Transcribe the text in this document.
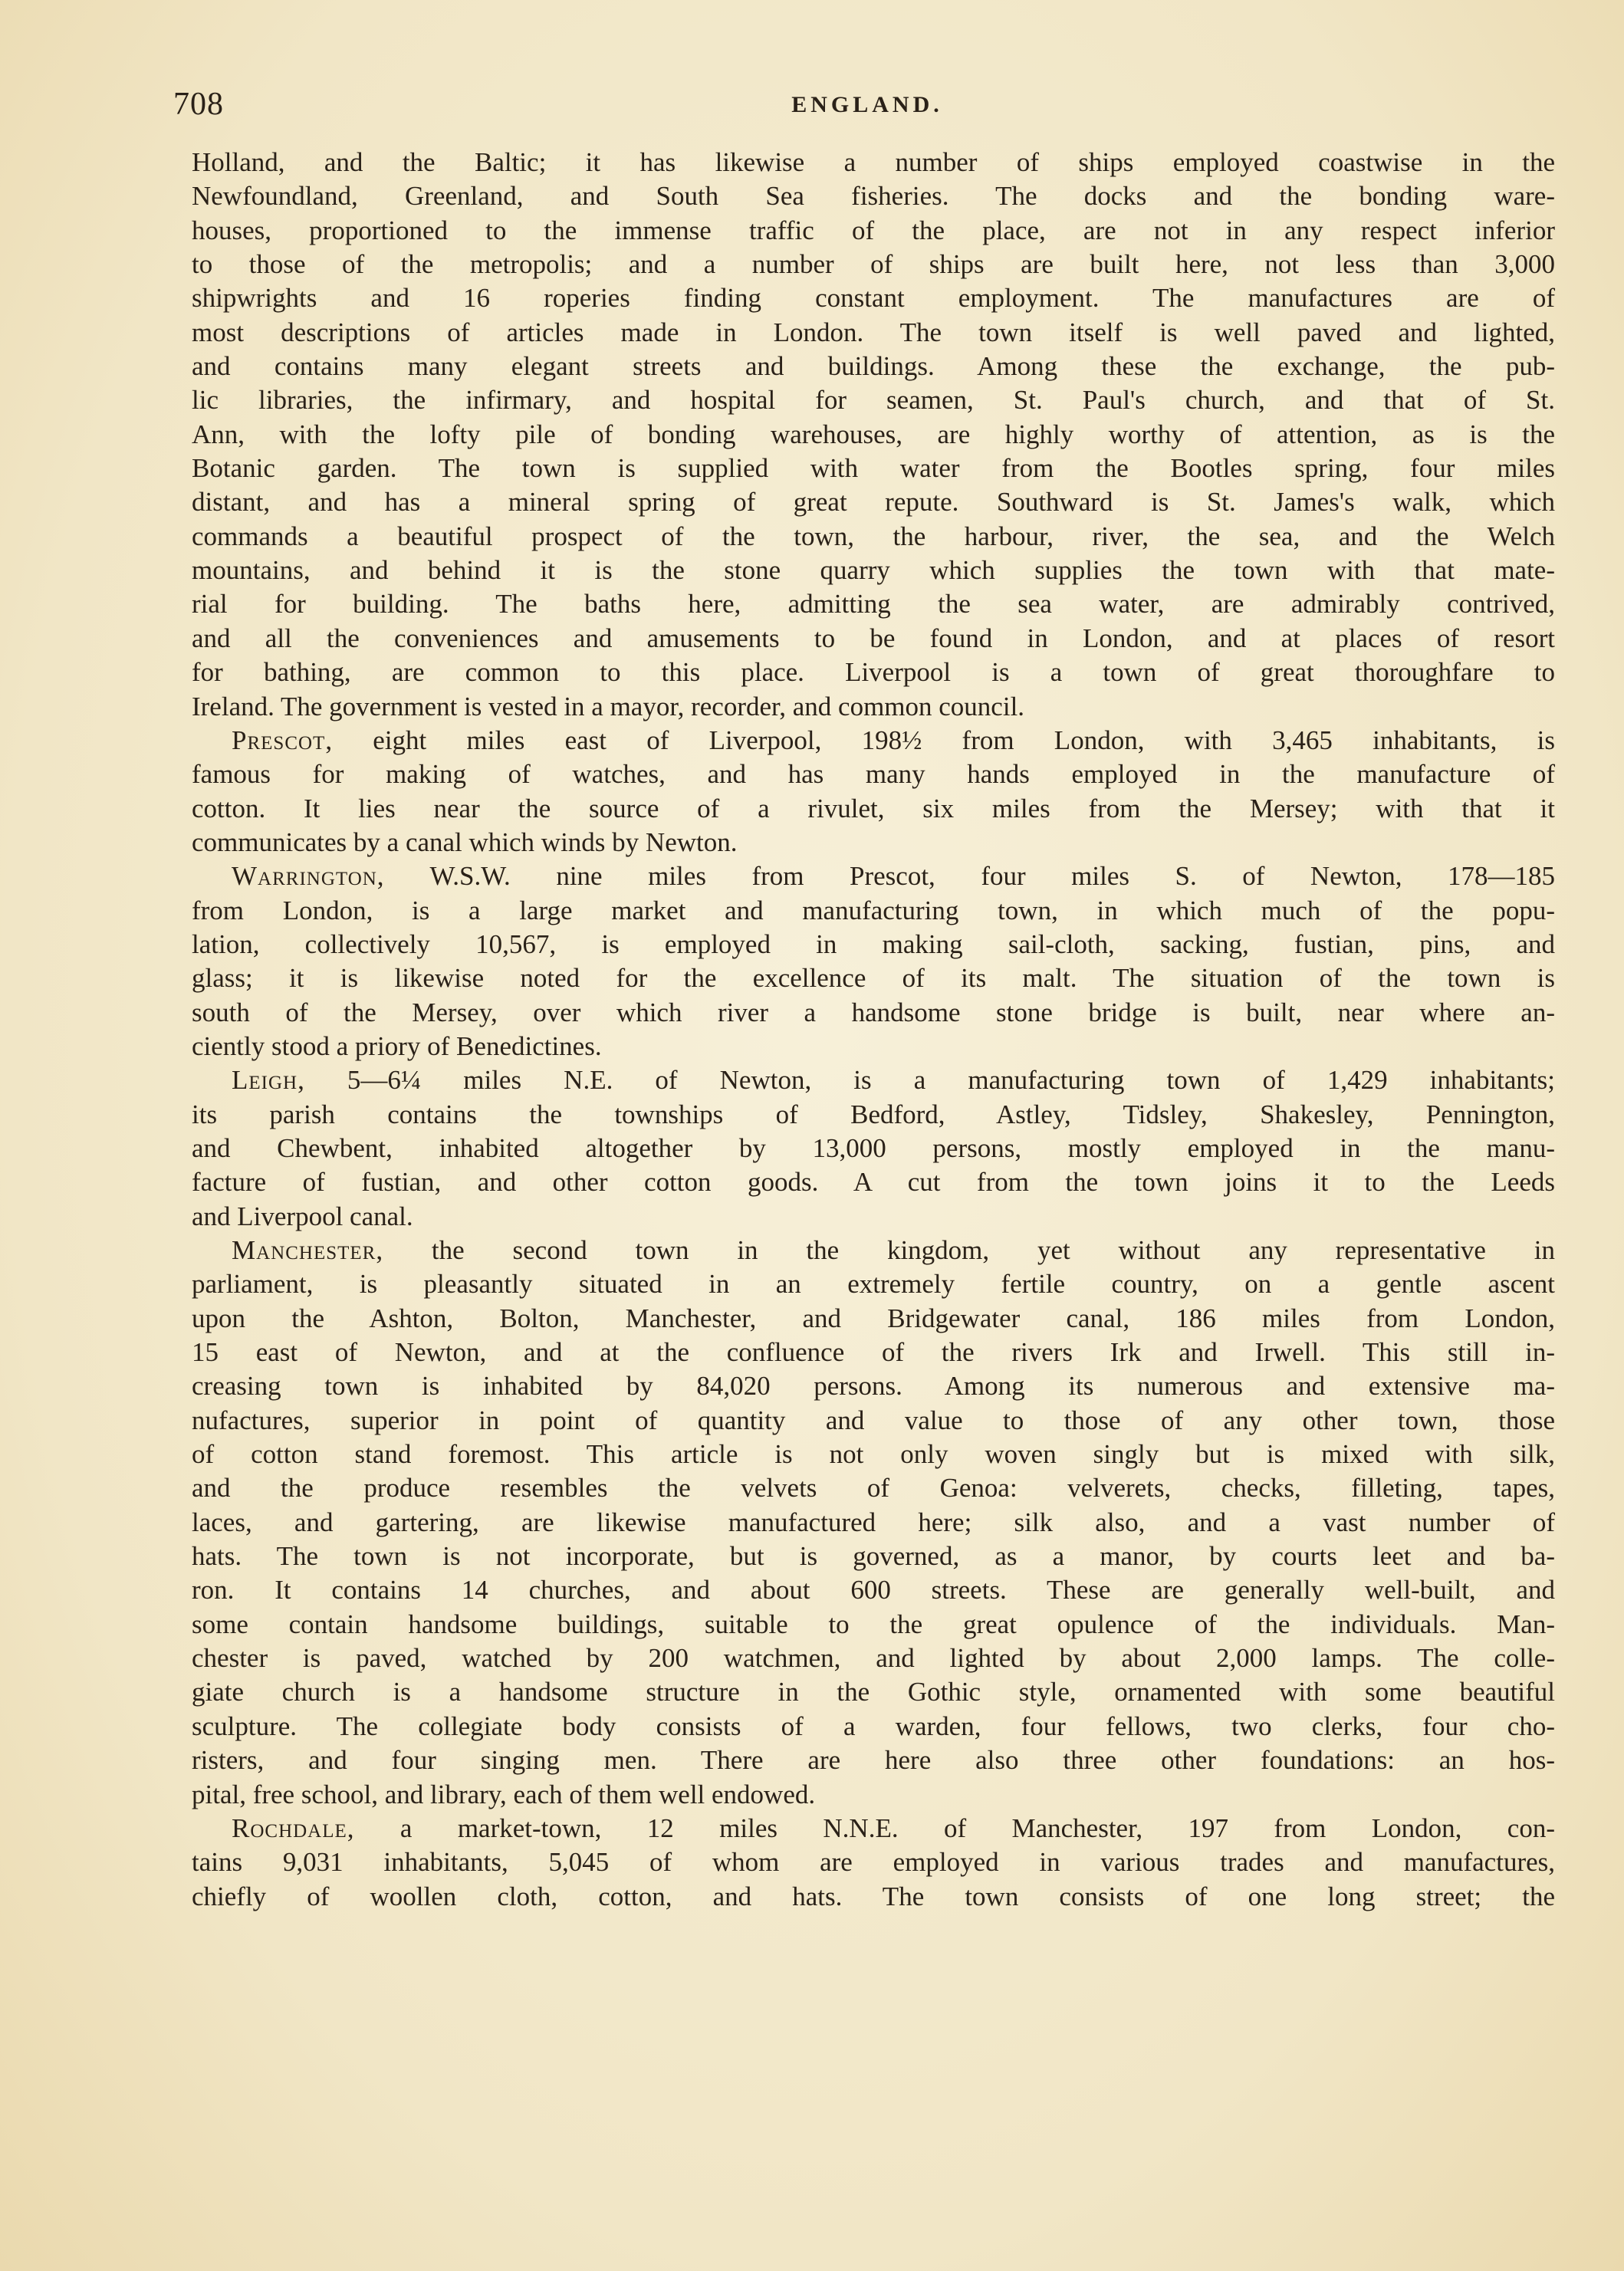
708	ENGLAND.
Holland, and the Baltic; it has likewise a number of ships employed coastwise in the
Newfoundland, Greenland, and South Sea fisheries. The docks and the bonding ware-
houses, proportioned to the immense traffic of the place, are not in any respect inferior
to those of the metropolis; and a number of ships are built here, not less than 3,000
shipwrights and 16 roperies finding constant employment. The manufactures are of
most descriptions of articles made in London. The town itself is well paved and lighted,
and contains many elegant streets and buildings. Among these the exchange, the pub-
lic libraries, the infirmary, and hospital for seamen, St. Paul's church, and that of St.
Ann, with the lofty pile of bonding warehouses, are highly worthy of attention, as is the
Botanic garden. The town is supplied with water from the Bootles spring, four miles
distant, and has a mineral spring of great repute. Southward is St. James's walk, which
commands a beautiful prospect of the town, the harbour, river, the sea, and the Welch
mountains, and behind it is the stone quarry which supplies the town with that mate-
rial for building. The baths here, admitting the sea water, are admirably contrived,
and all the conveniences and amusements to be found in London, and at places of resort
for bathing, are common to this place. Liverpool is a town of great thoroughfare to
Ireland. The government is vested in a mayor, recorder, and common council.
Prescot, eight miles east of Liverpool, 198½ from London, with 3,465 inhabitants, is
famous for making of watches, and has many hands employed in the manufacture of
cotton. It lies near the source of a rivulet, six miles from the Mersey; with that it
communicates by a canal which winds by Newton.
Warrington, W.S.W. nine miles from Prescot, four miles S. of Newton, 178—185
from London, is a large market and manufacturing town, in which much of the popu-
lation, collectively 10,567, is employed in making sail-cloth, sacking, fustian, pins, and
glass; it is likewise noted for the excellence of its malt. The situation of the town is
south of the Mersey, over which river a handsome stone bridge is built, near where an-
ciently stood a priory of Benedictines.
Leigh, 5—6¼ miles N.E. of Newton, is a manufacturing town of 1,429 inhabitants;
its parish contains the townships of Bedford, Astley, Tidsley, Shakesley, Pennington,
and Chewbent, inhabited altogether by 13,000 persons, mostly employed in the manu-
facture of fustian, and other cotton goods. A cut from the town joins it to the Leeds
and Liverpool canal.
Manchester, the second town in the kingdom, yet without any representative in
parliament, is pleasantly situated in an extremely fertile country, on a gentle ascent
upon the Ashton, Bolton, Manchester, and Bridgewater canal, 186 miles from London,
15 east of Newton, and at the confluence of the rivers Irk and Irwell. This still in-
creasing town is inhabited by 84,020 persons. Among its numerous and extensive ma-
nufactures, superior in point of quantity and value to those of any other town, those
of cotton stand foremost. This article is not only woven singly but is mixed with silk,
and the produce resembles the velvets of Genoa: velverets, checks, filleting, tapes,
laces, and gartering, are likewise manufactured here; silk also, and a vast number of
hats. The town is not incorporate, but is governed, as a manor, by courts leet and ba-
ron. It contains 14 churches, and about 600 streets. These are generally well-built, and
some contain handsome buildings, suitable to the great opulence of the individuals. Man-
chester is paved, watched by 200 watchmen, and lighted by about 2,000 lamps. The colle-
giate church is a handsome structure in the Gothic style, ornamented with some beautiful
sculpture. The collegiate body consists of a warden, four fellows, two clerks, four cho-
risters, and four singing men. There are here also three other foundations: an hos-
pital, free school, and library, each of them well endowed.
Rochdale, a market-town, 12 miles N.N.E. of Manchester, 197 from London, con-
tains 9,031 inhabitants, 5,045 of whom are employed in various trades and manufactures,
chiefly of woollen cloth, cotton, and hats. The town consists of one long street; the
